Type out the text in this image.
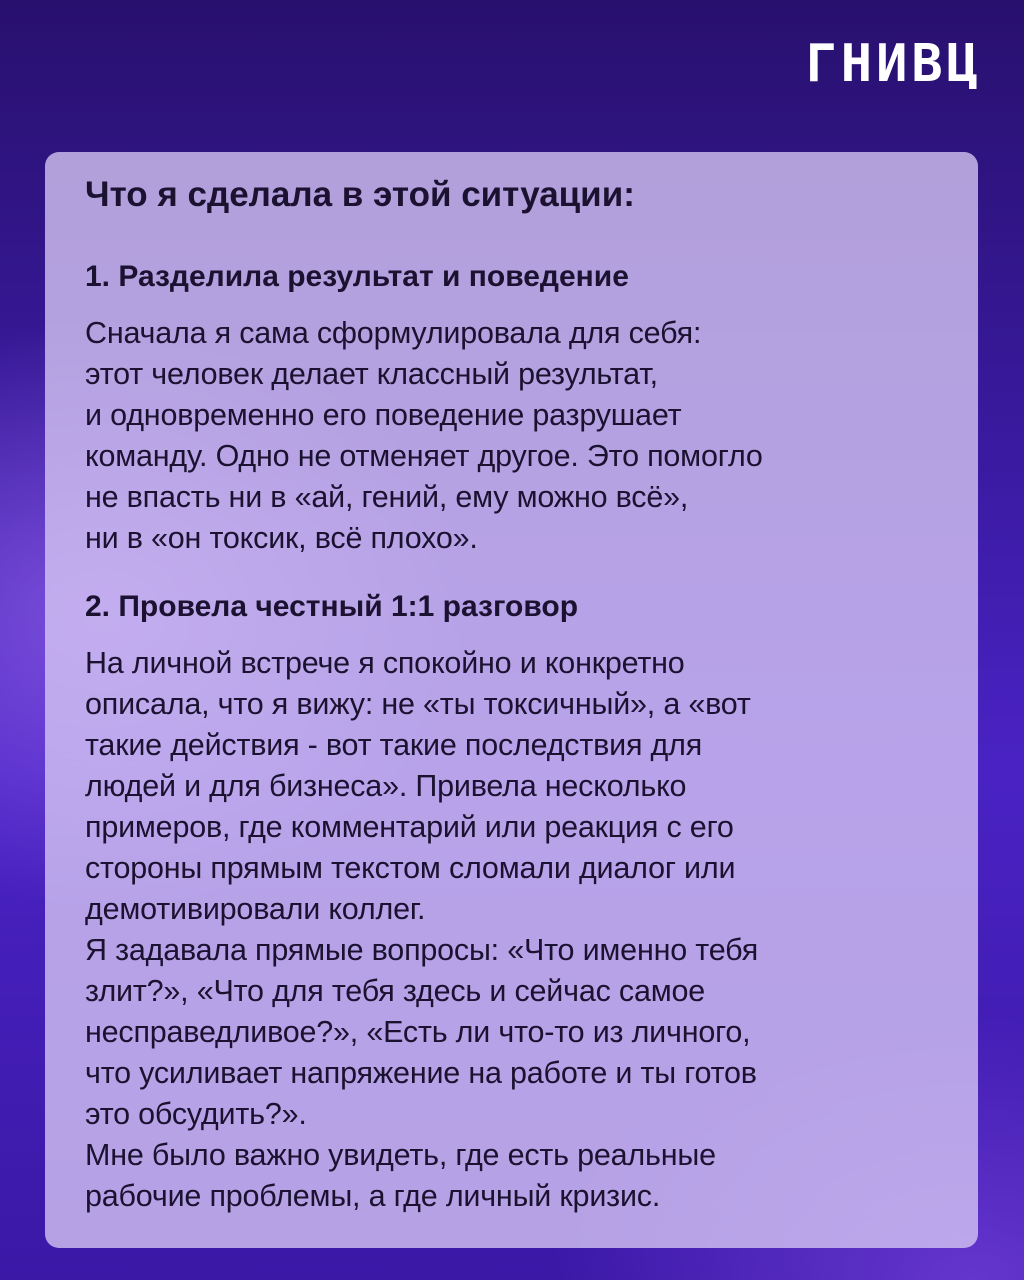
ГНИВЦ
Что я сделала в этой ситуации:
1. Разделила результат и поведение

Сначала я сама сформулировала для себя:
этот человек делает классный результат,
и одновременно его поведение разрушает
команду. Одно не отменяет другое. Это помогло
не впасть ни в «ай, гений, ему можно всё»,
ни в «он токсик, всё плохо».

2. Провела честный 1:1 разговор

На личной встрече я спокойно и конкретно
описала, что я вижу: не «ты токсичный», а «вот
такие действия - вот такие последствия для
людей и для бизнеса». Привела несколько
примеров, где комментарий или реакция с его
стороны прямым текстом сломали диалог или
демотивировали коллег.
Я задавала прямые вопросы: «Что именно тебя
злит?», «Что для тебя здесь и сейчас самое
несправедливое?», «Есть ли что-то из личного,
что усиливает напряжение на работе и ты готов
это обсудить?».
Мне было важно увидеть, где есть реальные
рабочие проблемы, а где личный кризис.
